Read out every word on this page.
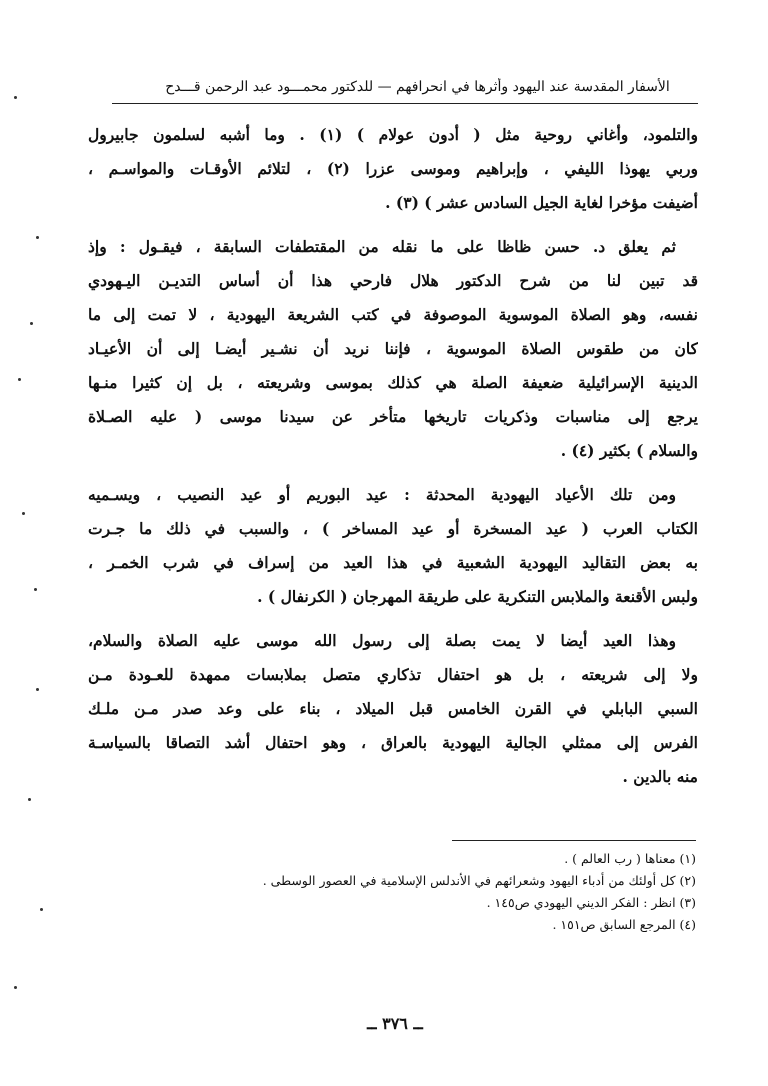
الأسفار المقدسة عند اليهود وأثرها في انحرافهم — للدكتور محمـــود عبد الرحمن قـــدح
والتلمود، وأغاني روحية مثل ( أدون عولام ) (١) . وما أشبه لسلمون جابيرول
وربي يهوذا الليفي ، وإبراهيم وموسى عزرا (٢) ، لتلائم الأوقـات والمواسـم ،
أضيفت مؤخرا لغاية الجيل السادس عشر ) (٣) .
ثم يعلق د. حسن ظاظا على ما نقله من المقتطفات السابقة ، فيقـول : وإذ
قد تبين لنا من شرح الدكتور هلال فارحي هذا أن أساس التديـن اليـهودي
نفسه، وهو الصلاة الموسوية الموصوفة في كتب الشريعة اليهودية ، لا تمت إلى ما
كان من طقوس الصلاة الموسوية ، فإننا نريد أن نشـير أيضـا إلى أن الأعيـاد
الدينية الإسرائيلية ضعيفة الصلة هي كذلك بموسى وشريعته ، بل إن كثيرا منـها
يرجع إلى مناسبات وذكريات تاريخها متأخر عن سيدنا موسى ( عليه الصـلاة
والسلام ) بكثير (٤) .
ومن تلك الأعياد اليهودية المحدثة : عيد البوريم أو عيد النصيب ، ويسـميه
الكتاب العرب ( عيد المسخرة أو عيد المساخر ) ، والسبب في ذلك ما جـرت
به بعض التقاليد اليهودية الشعبية في هذا العيد من إسراف في شرب الخمـر ،
ولبس الأقنعة والملابس التنكرية على طريقة المهرجان ( الكرنفال ) .
وهذا العيد أيضا لا يمت بصلة إلى رسول الله موسى عليه الصلاة والسلام،
ولا إلى شريعته ، بل هو احتفال تذكاري متصل بملابسات ممهدة للعـودة مـن
السبي البابلي في القرن الخامس قبل الميلاد ، بناء على وعد صدر مـن ملـك
الفرس إلى ممثلي الجالية اليهودية بالعراق ، وهو احتفال أشد التصاقا بالسياسـة
منه بالدين .
(١) معناها ( رب العالم ) .
(٢) كل أولئك من أدباء اليهود وشعرائهم في الأندلس الإسلامية في العصور الوسطى .
(٣) انظر : الفكر الديني اليهودي ص١٤٥ .
(٤) المرجع السابق ص١٥١ .
ــ ٣٧٦ ــ
